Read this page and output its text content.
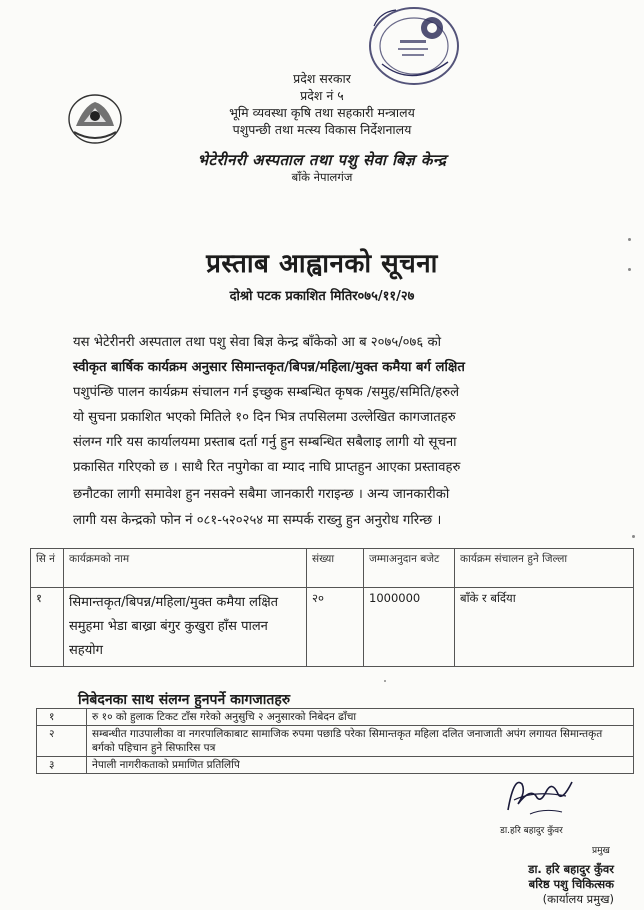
प्रदेश सरकार
प्रदेश नं ५
भूमि व्यवस्था कृषि तथा सहकारी मन्त्रालय
पशुपन्छी तथा मत्स्य विकास निर्देशनालय
भेटेरीनरी अस्पताल तथा पशु सेवा बिज्ञ केन्द्र
बाँके नेपालगंज
प्रस्ताब आह्वानको सूचना
दोश्रो पटक प्रकाशित मितिर०७५/११/२७
यस भेटेरीनरी अस्पताल तथा पशु सेवा बिज्ञ केन्द्र बाँकेको आ ब २०७५/०७६ को
स्वीकृत बार्षिक कार्यक्रम अनुसार सिमान्तकृत/बिपन्न/महिला/मुक्त कमैया बर्ग लक्षित
पशुपंन्छि पालन कार्यक्रम संचालन गर्न इच्छुक सम्बन्धित कृषक /समुह/समिति/हरुले
यो सुचना प्रकाशित भएको मितिले १० दिन भित्र तपसिलमा उल्लेखित कागजातहरु
संलग्न गरि यस कार्यालयमा प्रस्ताब दर्ता गर्नु हुन सम्बन्धित सबैलाइ लागी यो सूचना
प्रकासित गरिएको छ । साथै रित नपुगेका वा म्याद नाघि प्राप्तहुन आएका प्रस्तावहरु
छनौटका लागी समावेश हुन नसक्ने सबैमा जानकारी गराइन्छ । अन्य जानकारीको
लागी यस केन्द्रको फोन नं ०८१-५२०२५४ मा सम्पर्क राख्नु हुन अनुरोध गरिन्छ ।
सि नं	कार्यक्रमको नाम	संख्या	जम्माअनुदान बजेट	कार्यक्रम संचालन हुने जिल्ला
१	सिमान्तकृत/बिपन्न/महिला/मुक्त कमैया लक्षित समुहमा भेडा बाख्रा बंगुर कुखुरा हाँस पालन सहयोग	२०	1000000	बाँके र बर्दिया
निबेदनका साथ संलग्न हुनपर्ने कागजातहरु
१	रु १० को हुलाक टिकट टाँस गरेको अनुसुचि २ अनुसारको निबेदन ढाँचा
२	सम्बन्धीत गाउपालीका वा नगरपालिकाबाट सामाजिक रुपमा पछाडि परेका सिमान्तकृत महिला दलित जनाजाती अपंग लगायत सिमान्तकृत बर्गको पहिचान हुने सिफारिस पत्र
३	नेपाली नागरीकताको प्रमाणित प्रतिलिपि
डा.हरि बहादुर कुँवर
प्रमुख
डा. हरि बहादुर कुँवर
बरिष्ठ पशु चिकित्सक
(कार्यालय प्रमुख)
